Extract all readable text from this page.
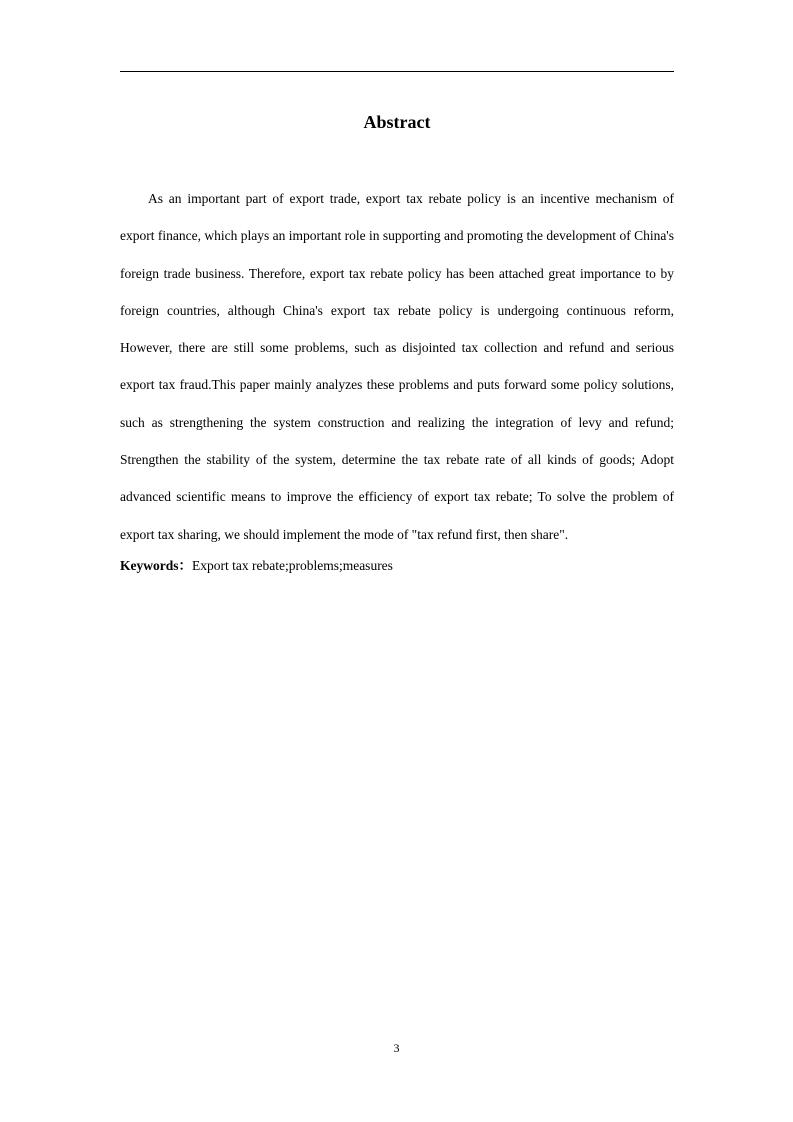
Abstract

As an important part of export trade, export tax rebate policy is an incentive mechanism of export finance, which plays an important role in supporting and promoting the development of China's foreign trade business. Therefore, export tax rebate policy has been attached great importance to by foreign countries, although China's export tax rebate policy is undergoing continuous reform, However, there are still some problems, such as disjointed tax collection and refund and serious export tax fraud.This paper mainly analyzes these problems and puts forward some policy solutions, such as strengthening the system construction and realizing the integration of levy and refund; Strengthen the stability of the system, determine the tax rebate rate of all kinds of goods; Adopt advanced scientific means to improve the efficiency of export tax rebate; To solve the problem of export tax sharing, we should implement the mode of "tax refund first, then share".

Keywords：Export tax rebate;problems;measures

3
